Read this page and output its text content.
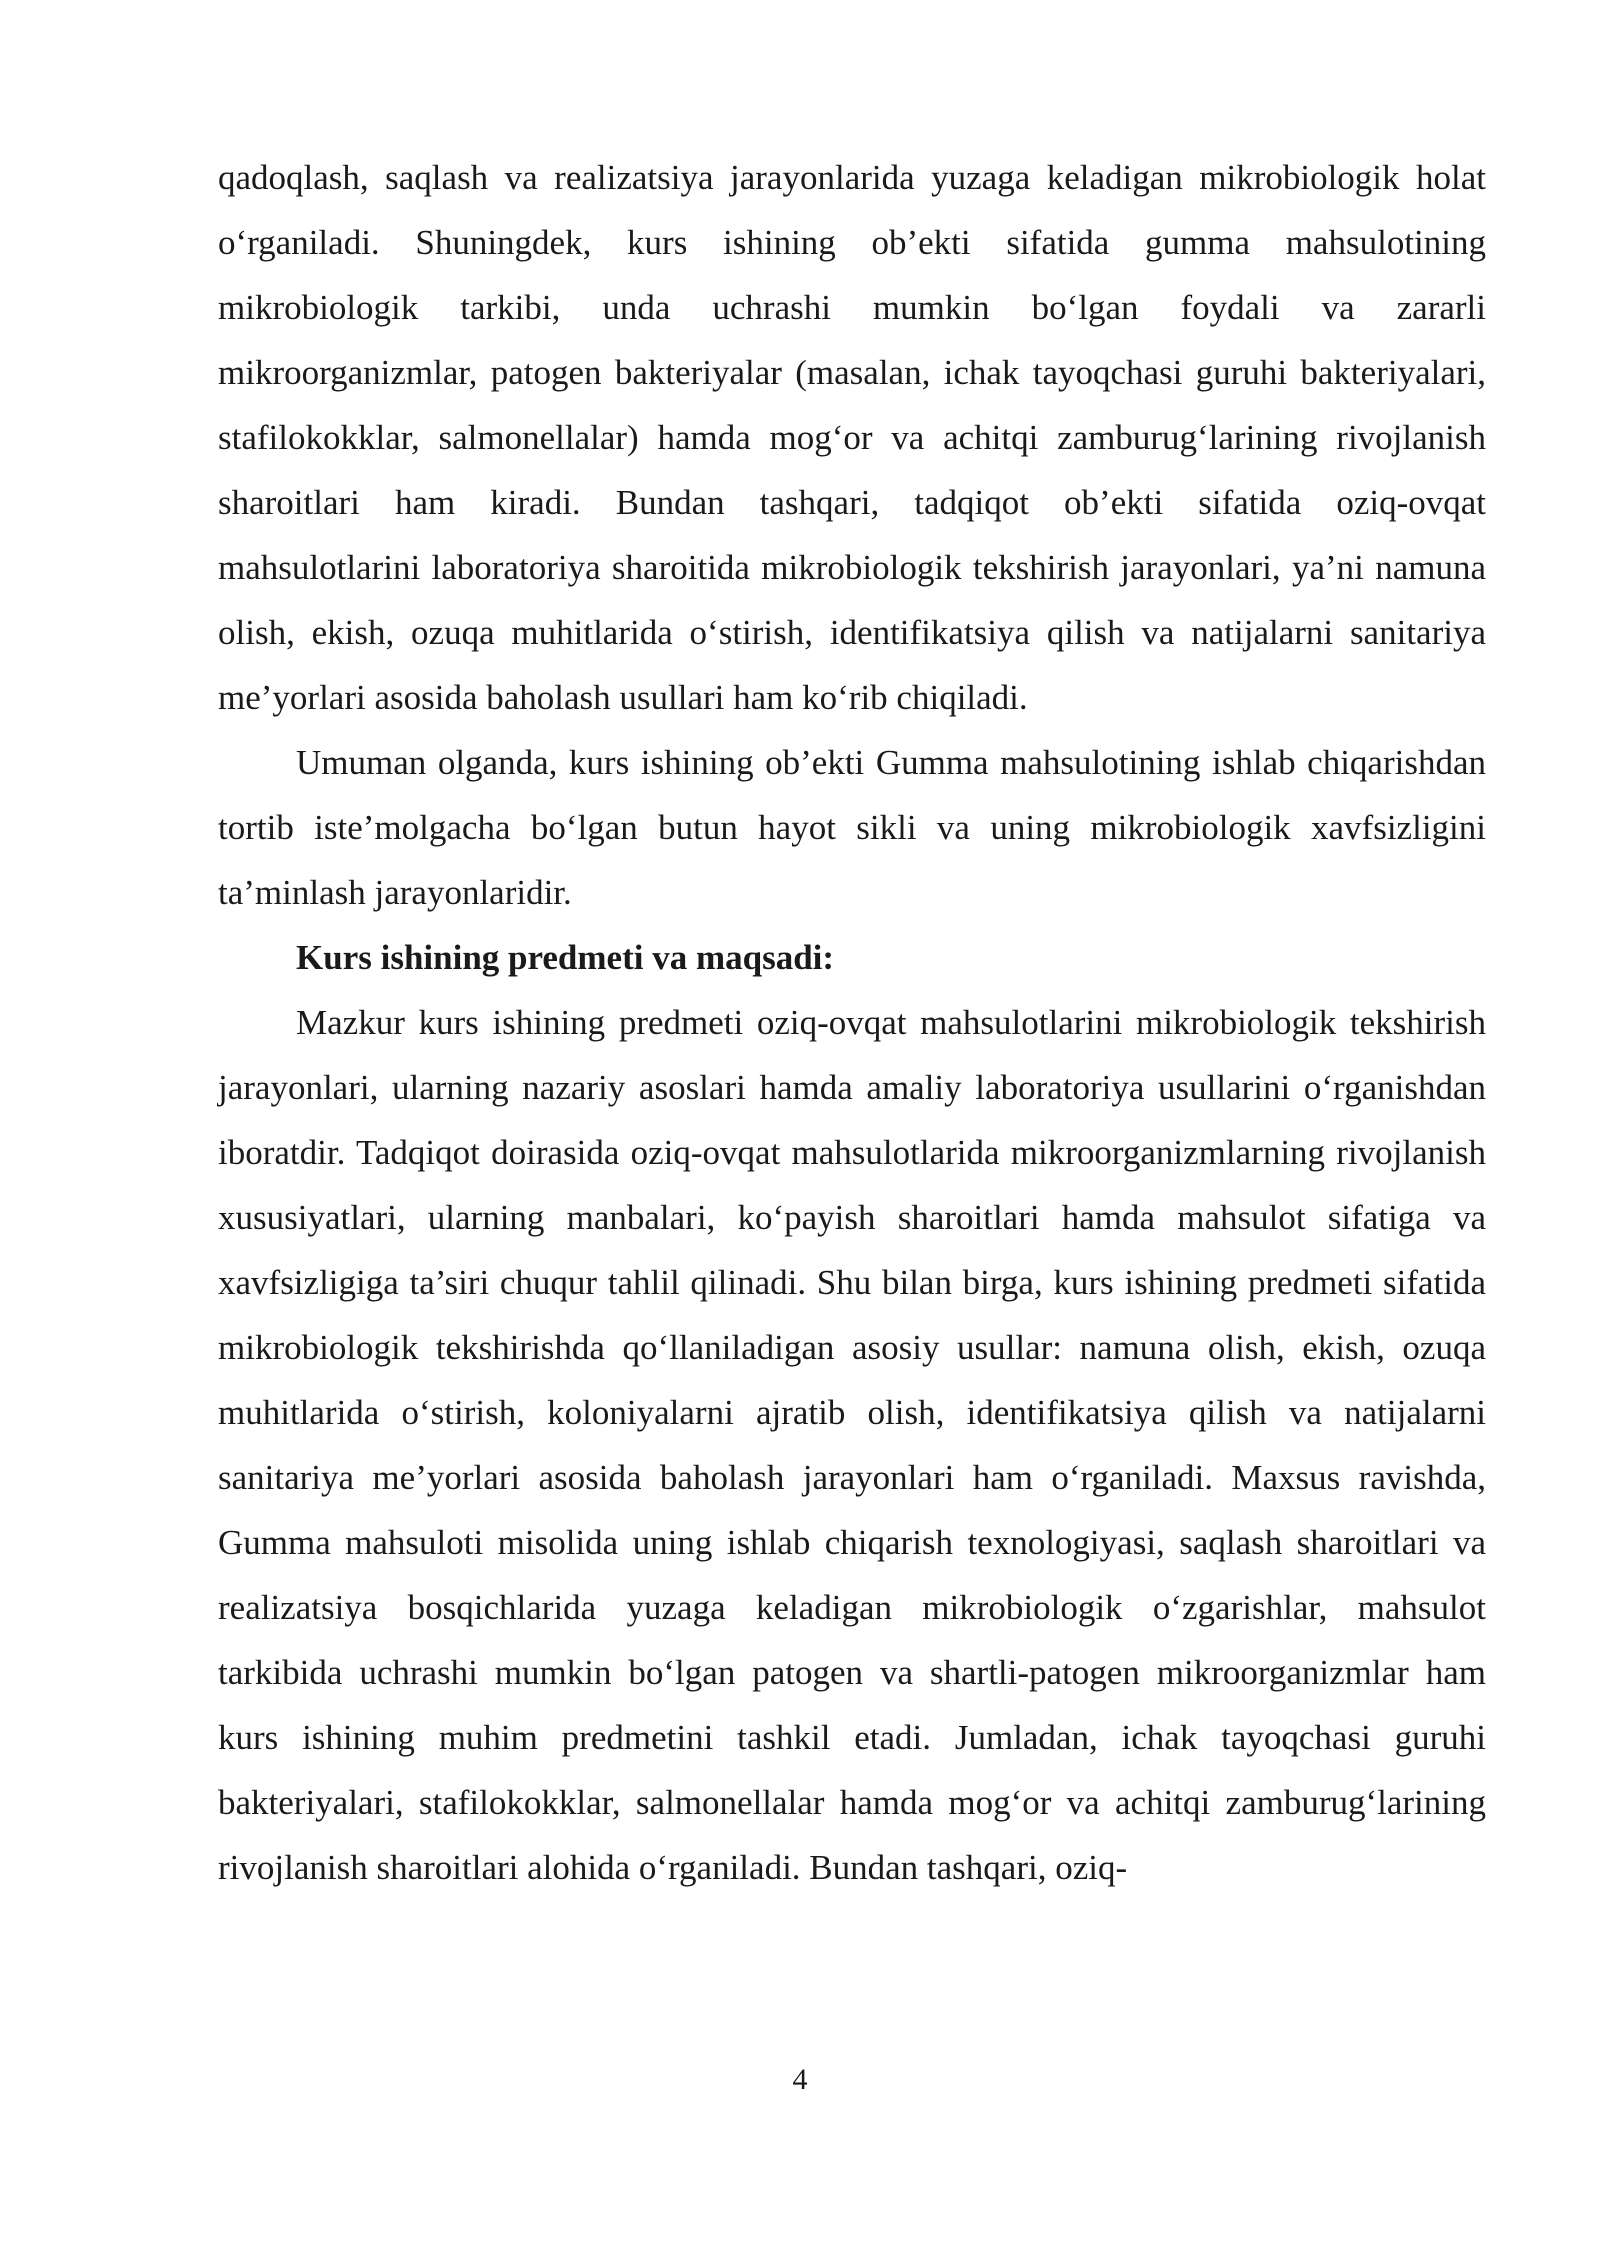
qadoqlash, saqlash va realizatsiya jarayonlarida yuzaga keladigan mikrobiologik holat o‘rganiladi. Shuningdek, kurs ishining ob’ekti sifatida gumma mahsulotining mikrobiologik tarkibi, unda uchrashi mumkin bo‘lgan foydali va zararli mikroorganizmlar, patogen bakteriyalar (masalan, ichak tayoqchasi guruhi bakteriyalari, stafilokokklar, salmonellalar) hamda mog‘or va achitqi zamburug‘larining rivojlanish sharoitlari ham kiradi. Bundan tashqari, tadqiqot ob’ekti sifatida oziq-ovqat mahsulotlarini laboratoriya sharoitida mikrobiologik tekshirish jarayonlari, ya’ni namuna olish, ekish, ozuqa muhitlarida o‘stirish, identifikatsiya qilish va natijalarni sanitariya me’yorlari asosida baholash usullari ham ko‘rib chiqiladi.

Umuman olganda, kurs ishining ob’ekti Gumma mahsulotining ishlab chiqarishdan tortib iste’molgacha bo‘lgan butun hayot sikli va uning mikrobiologik xavfsizligini ta’minlash jarayonlaridir.

Kurs ishining predmeti va maqsadi:

Mazkur kurs ishining predmeti oziq-ovqat mahsulotlarini mikrobiologik tekshirish jarayonlari, ularning nazariy asoslari hamda amaliy laboratoriya usullarini o‘rganishdan iboratdir. Tadqiqot doirasida oziq-ovqat mahsulotlarida mikroorganizmlarning rivojlanish xususiyatlari, ularning manbalari, ko‘payish sharoitlari hamda mahsulot sifatiga va xavfsizligiga ta’siri chuqur tahlil qilinadi. Shu bilan birga, kurs ishining predmeti sifatida mikrobiologik tekshirishda qo‘llaniladigan asosiy usullar: namuna olish, ekish, ozuqa muhitlarida o‘stirish, koloniyalarni ajratib olish, identifikatsiya qilish va natijalarni sanitariya me’yorlari asosida baholash jarayonlari ham o‘rganiladi. Maxsus ravishda, Gumma mahsuloti misolida uning ishlab chiqarish texnologiyasi, saqlash sharoitlari va realizatsiya bosqichlarida yuzaga keladigan mikrobiologik o‘zgarishlar, mahsulot tarkibida uchrashi mumkin bo‘lgan patogen va shartli-patogen mikroorganizmlar ham kurs ishining muhim predmetini tashkil etadi. Jumladan, ichak tayoqchasi guruhi bakteriyalari, stafilokokklar, salmonellalar hamda mog‘or va achitqi zamburug‘larining rivojlanish sharoitlari alohida o‘rganiladi. Bundan tashqari, oziq-

4
